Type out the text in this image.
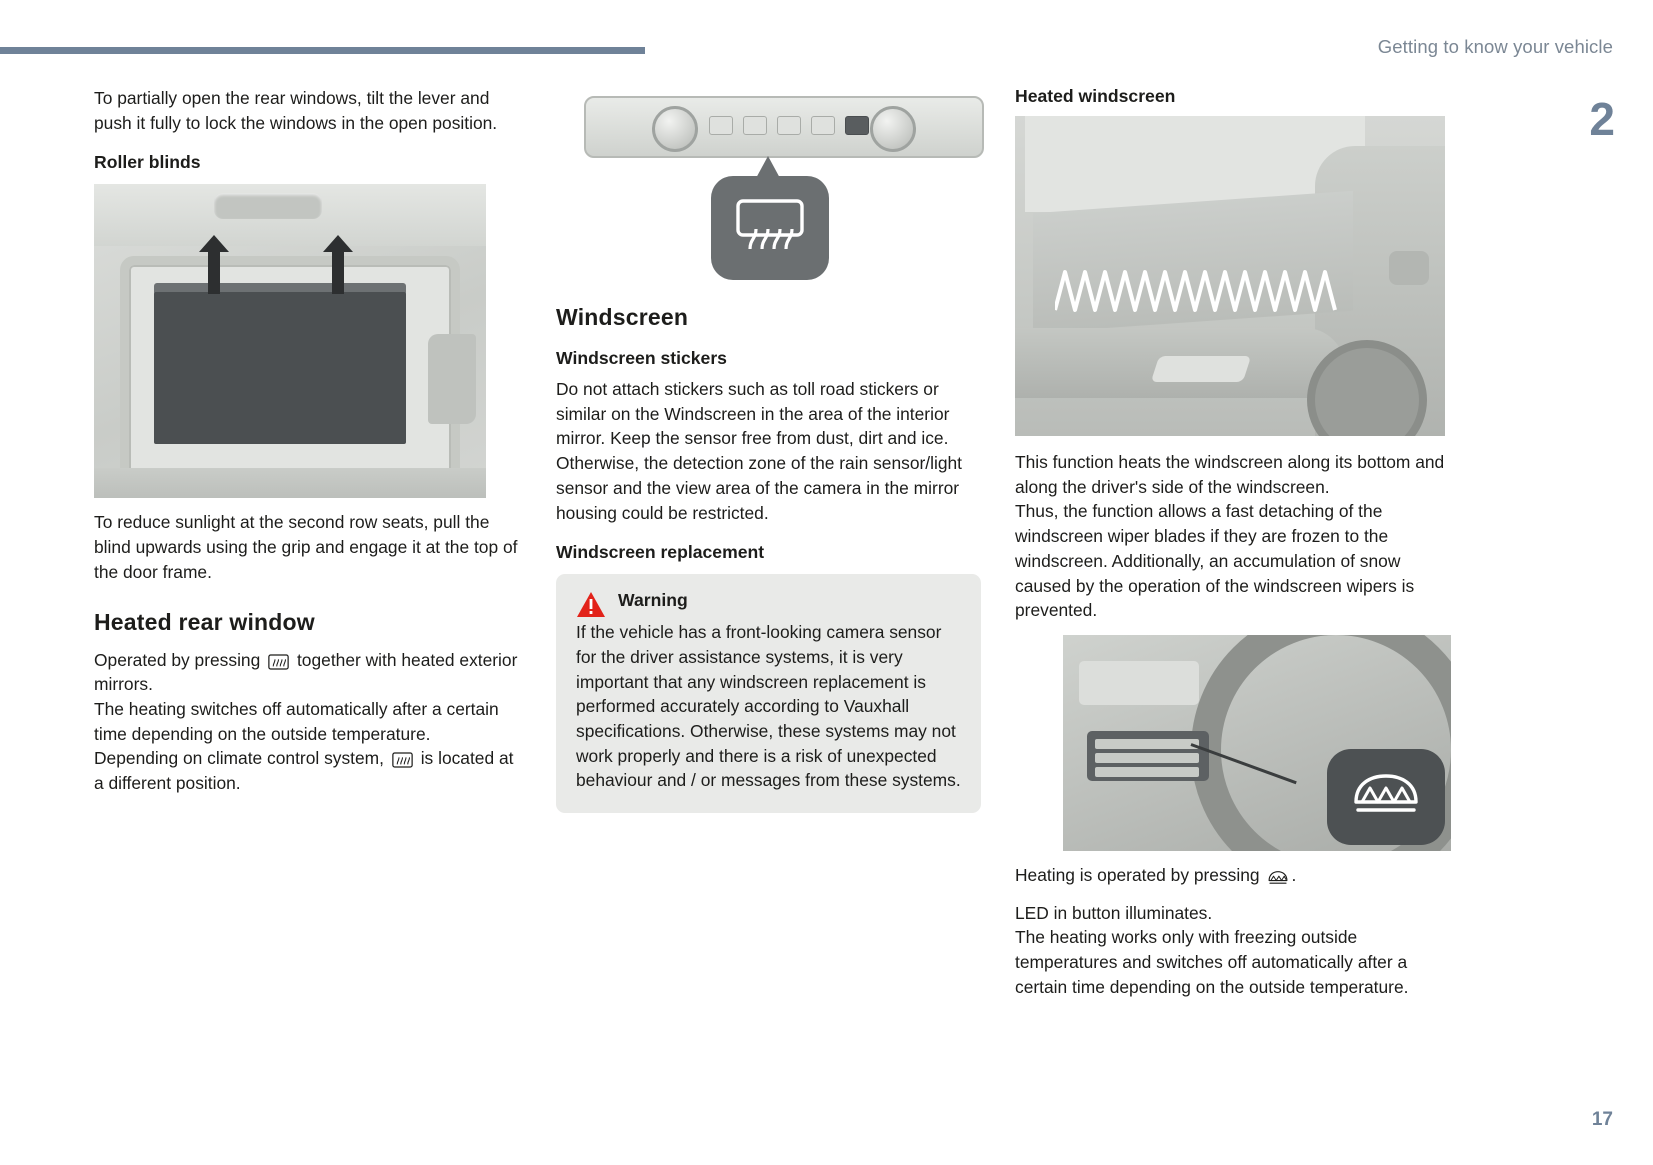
Getting to know your vehicle
2
17

To partially open the rear windows, tilt the lever and push it fully to lock the windows in the open position.

Roller blinds

To reduce sunlight at the second row seats, pull the blind upwards using the grip and engage it at the top of the door frame.

Heated rear window

Operated by pressing together with heated exterior mirrors.

The heating switches off automatically after a certain time depending on the outside temperature.

Depending on climate control system, is located at a different position.

Windscreen
Windscreen stickers

Do not attach stickers such as toll road stickers or similar on the Windscreen in the area of the interior mirror. Keep the sensor free from dust, dirt and ice. Otherwise, the detection zone of the rain sensor/light sensor and the view area of the camera in the mirror housing could be restricted.

Windscreen replacement
Warning
If the vehicle has a front-looking camera sensor for the driver assistance systems, it is very important that any windscreen replacement is performed accurately according to Vauxhall specifications. Otherwise, these systems may not work properly and there is a risk of unexpected behaviour and / or messages from these systems.
Heated windscreen

This function heats the windscreen along its bottom and along the driver's side of the windscreen.

Thus, the function allows a fast detaching of the windscreen wiper blades if they are frozen to the windscreen. Additionally, an accumulation of snow caused by the operation of the windscreen wipers is prevented.

Heating is operated by pressing .

LED in button illuminates.

The heating works only with freezing outside temperatures and switches off automatically after a certain time depending on the outside temperature.
